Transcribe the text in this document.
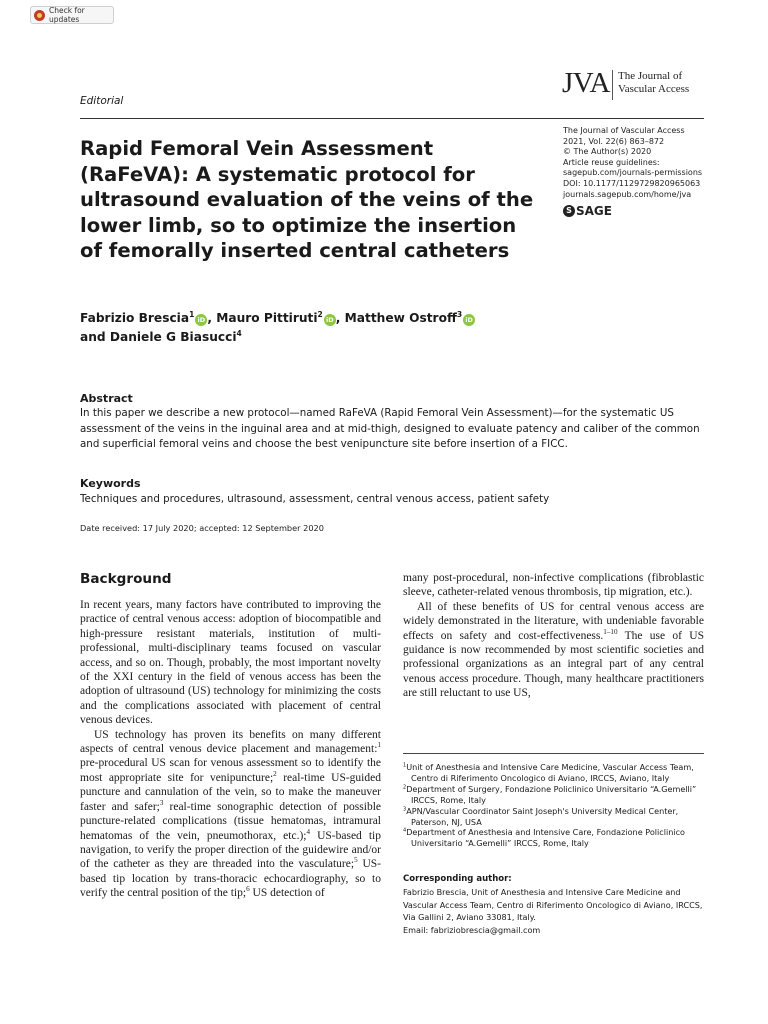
Check for updates
Editorial
JVA The Journal of
Vascular Access
The Journal of Vascular Access
2021, Vol. 22(6) 863–872
© The Author(s) 2020
Article reuse guidelines:
sagepub.com/journals-permissions
DOI: 10.1177/1129729820965063
journals.sagepub.com/home/jva
S SAGE
Rapid Femoral Vein Assessment (RaFeVA): A systematic protocol for ultrasound evaluation of the veins of the lower limb, so to optimize the insertion of femorally inserted central catheters
Fabrizio Brescia$^1$iD , Mauro Pittiruti$^2$iD , Matthew Ostroff$^3$iD
and Daniele G Biasucci$^4$
Abstract
In this paper we describe a new protocol—named RaFeVA (Rapid Femoral Vein Assessment)—for the systematic US assessment of the veins in the inguinal area and at mid-thigh, designed to evaluate patency and caliber of the common and superficial femoral veins and choose the best venipuncture site before insertion of a FICC.
Keywords
Techniques and procedures, ultrasound, assessment, central venous access, patient safety
Date received: 17 July 2020; accepted: 12 September 2020
Background

In recent years, many factors have contributed to improving the practice of central venous access: adoption of biocompatible and high-pressure resistant materials, institution of multi-professional, multi-disciplinary teams focused on vascular access, and so on. Though, probably, the most important novelty of the XXI century in the field of venous access has been the adoption of ultrasound (US) technology for minimizing the costs and the complications associated with placement of central venous devices.

US technology has proven its benefits on many different aspects of central venous device placement and management:$^1$ pre-procedural US scan for venous assessment so to identify the most appropriate site for venipuncture;$^2$ real-time US-guided puncture and cannulation of the vein, so to make the maneuver faster and safer;$^3$ real-time sonographic detection of possible puncture-related complications (tissue hematomas, intramural hematomas of the vein, pneumothorax, etc.);$^4$ US-based tip navigation, to verify the proper direction of the guidewire and/or of the catheter as they are threaded into the vasculature;$^5$ US-based tip location by trans-thoracic echocardiography, so to verify the central position of the tip;$^6$ US detection of

many post-procedural, non-infective complications (fibroblastic sleeve, catheter-related venous thrombosis, tip migration, etc.).

All of these benefits of US for central venous access are widely demonstrated in the literature, with undeniable favorable effects on safety and cost-effectiveness.$^{1-10}$ The use of US guidance is now recommended by most scientific societies and professional organizations as an integral part of any central venous access procedure. Though, many healthcare practitioners are still reluctant to use US,

$^1$Unit of Anesthesia and Intensive Care Medicine, Vascular Access Team, Centro di Riferimento Oncologico di Aviano, IRCCS, Aviano, Italy
$^2$Department of Surgery, Fondazione Policlinico Universitario “A.Gemelli” IRCCS, Rome, Italy
$^3$APN/Vascular Coordinator Saint Joseph's University Medical Center, Paterson, NJ, USA
$^4$Department of Anesthesia and Intensive Care, Fondazione Policlinico Universitario “A.Gemelli” IRCCS, Rome, Italy
Corresponding author:
Fabrizio Brescia, Unit of Anesthesia and Intensive Care Medicine and Vascular Access Team, Centro di Riferimento Oncologico di Aviano, IRCCS, Via Gallini 2, Aviano 33081, Italy.
Email: fabriziobrescia@gmail.com
